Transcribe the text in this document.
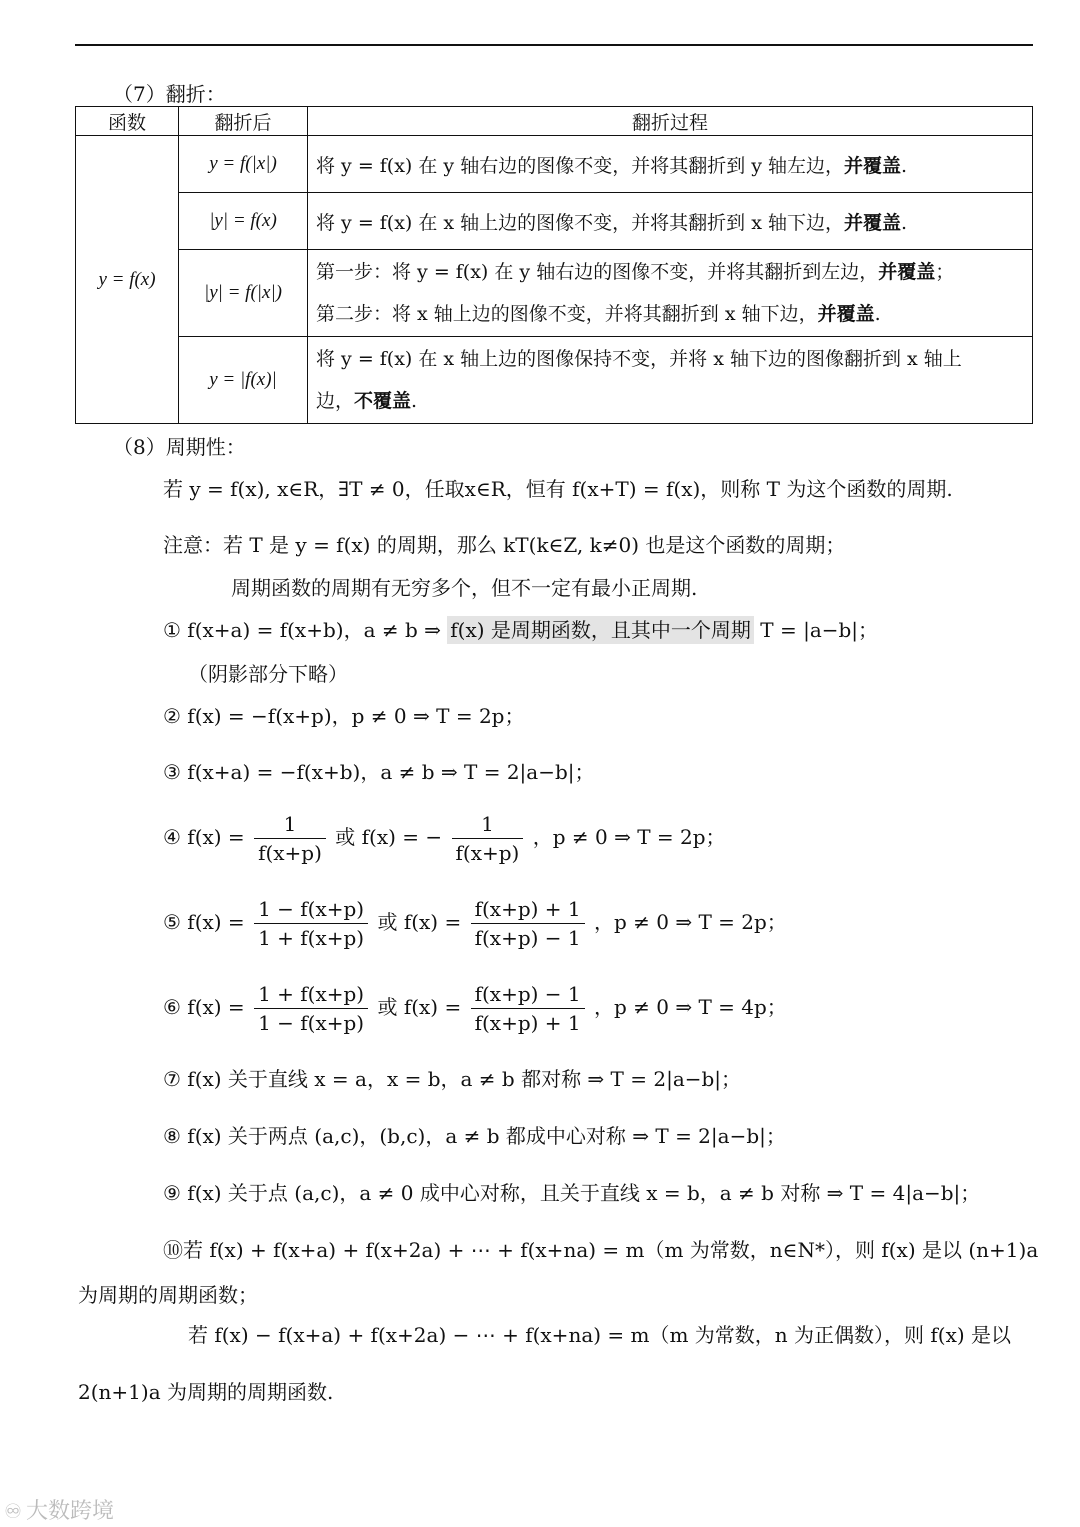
（7）翻折：
函数	翻折后	翻折过程
y = f(x)	y = f(|x|)	将 y = f(x) 在 y 轴右边的图像不变，并将其翻折到 y 轴左边，并覆盖.
	|y| = f(x)	将 y = f(x) 在 x 轴上边的图像不变，并将其翻折到 x 轴下边，并覆盖.
	|y| = f(|x|)	第一步：将 y = f(x) 在 y 轴右边的图像不变，并将其翻折到左边，并覆盖；
第二步：将 x 轴上边的图像不变，并将其翻折到 x 轴下边，并覆盖.

	y = |f(x)|	将 y = f(x) 在 x 轴上边的图像保持不变，并将 x 轴下边的图像翻折到 x 轴上
边，不覆盖.
（8）周期性：
若 y = f(x), x∈R，∃T ≠ 0，任取x∈R，恒有 f(x+T) = f(x)，则称 T 为这个函数的周期.
注意：若 T 是 y = f(x) 的周期，那么 kT(k∈Z, k≠0) 也是这个函数的周期；
周期函数的周期有无穷多个，但不一定有最小正周期.
① f(x+a) = f(x+b)，a ≠ b ⇒ f(x) 是周期函数，且其中一个周期 T = |a−b|；
（阴影部分下略）
② f(x) = −f(x+p)，p ≠ 0 ⇒ T = 2p；
③ f(x+a) = −f(x+b)，a ≠ b ⇒ T = 2|a−b|；
④ $f(x) = \frac{1}{f(x+p)}$ 或 f(x) = − $\frac{1}{f(x+p)}$ ，p ≠ 0 ⇒ T = 2p；
⑤ $f(x) = \frac{1 - f(x+p)}{1 + f(x+p)}$ 或 $f(x) = \frac{f(x+p) + 1}{f(x+p) - 1}$ ，p ≠ 0 ⇒ T = 2p；
⑥ $f(x) = \frac{1 + f(x+p)}{1 - f(x+p)}$ 或 $f(x) = \frac{f(x+p) - 1}{f(x+p) + 1}$ ，p ≠ 0 ⇒ T = 4p；
⑦ f(x) 关于直线 x = a，x = b，a ≠ b 都对称 ⇒ T = 2|a−b|；
⑧ f(x) 关于两点 (a,c)，(b,c)，a ≠ b 都成中心对称 ⇒ T = 2|a−b|；
⑨ f(x) 关于点 (a,c)，a ≠ 0 成中心对称，且关于直线 x = b，a ≠ b 对称 ⇒ T = 4|a−b|；
⑩若 f(x) + f(x+a) + f(x+2a) + ⋯ + f(x+na) = m（m 为常数，n∈N*），则 f(x) 是以 (n+1)a
为周期的周期函数；
若 f(x) − f(x+a) + f(x+2a) − ⋯ + f(x+na) = m（m 为常数，n 为正偶数），则 f(x) 是以
2(n+1)a 为周期的周期函数.
♾ 大数跨境
